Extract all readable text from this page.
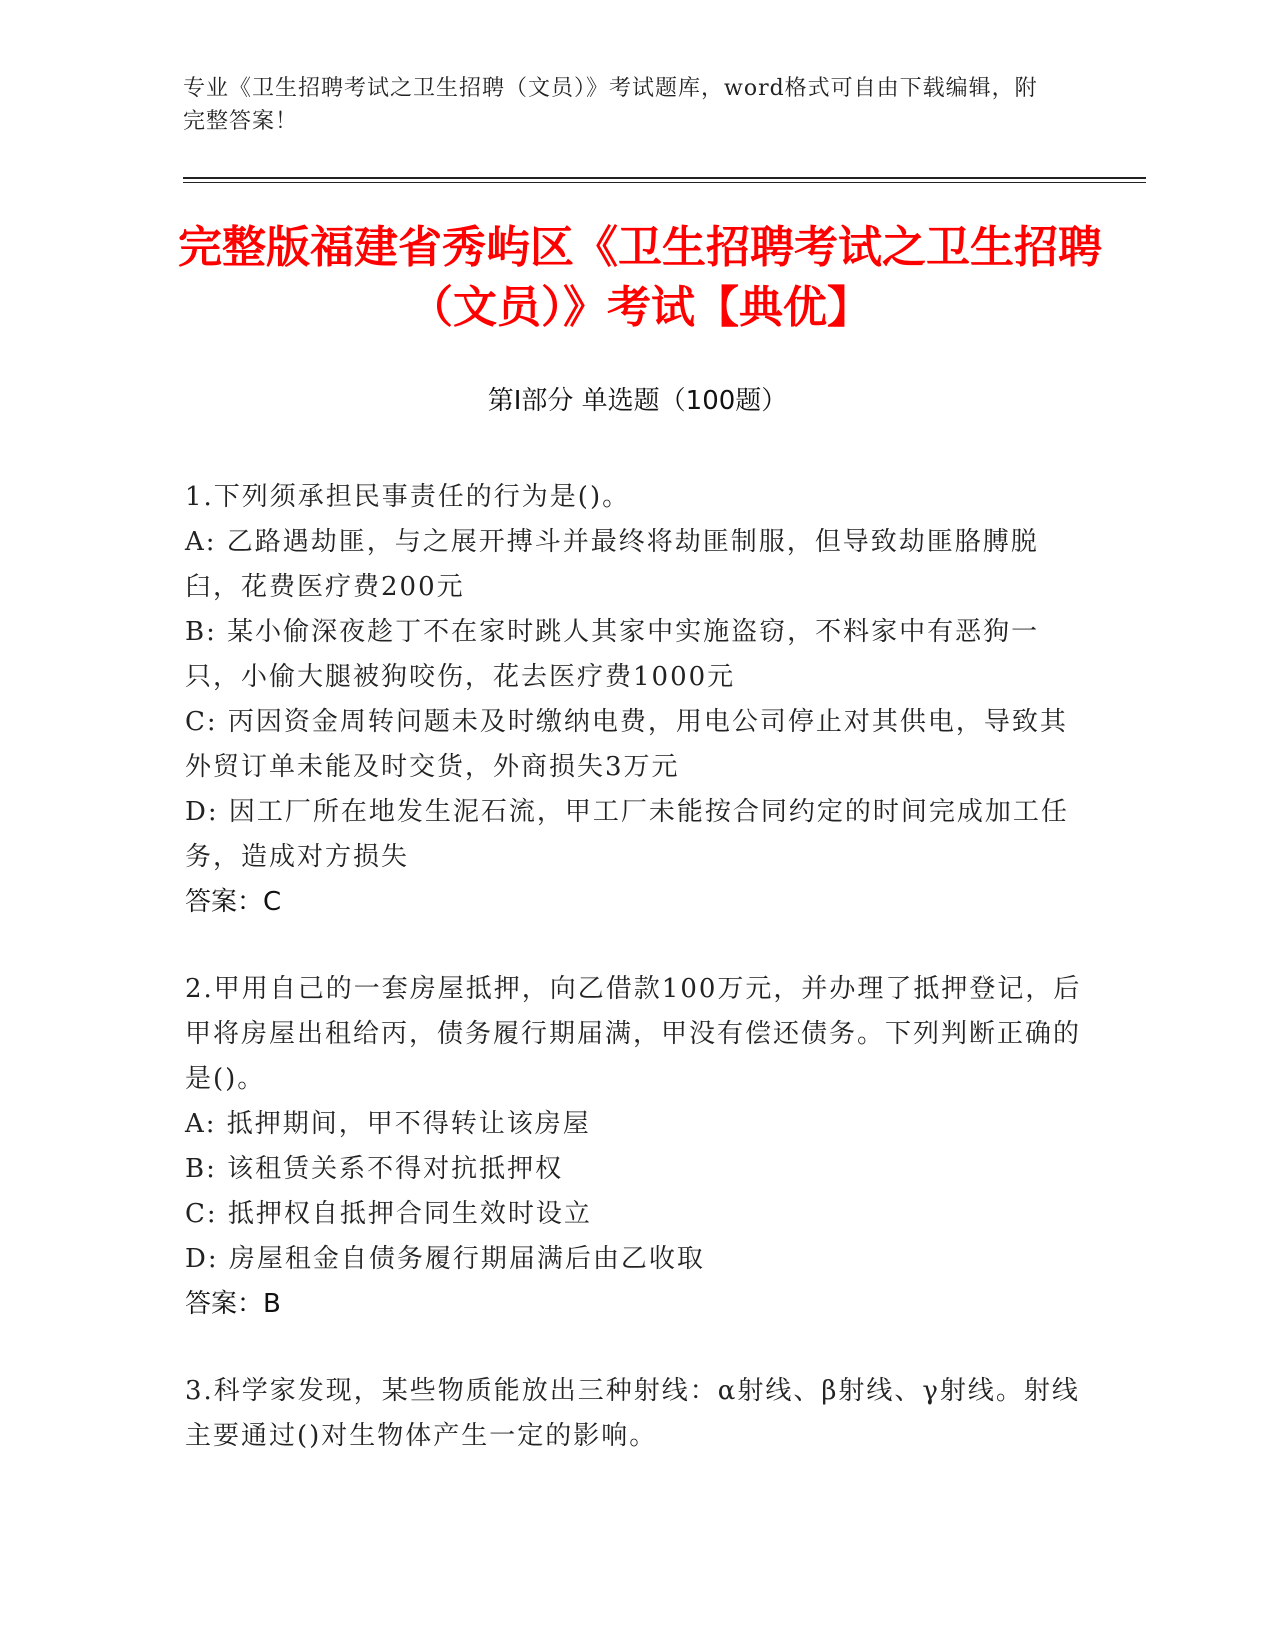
专业《卫生招聘考试之卫生招聘（文员）》考试题库，word格式可自由下载编辑，附完整答案！
完整版福建省秀屿区《卫生招聘考试之卫生招聘（文员）》考试【典优】
第Ⅰ部分 单选题（100题）
1.下列须承担民事责任的行为是()。
A: 乙路遇劫匪，与之展开搏斗并最终将劫匪制服，但导致劫匪胳膊脱臼，花费医疗费200元
B: 某小偷深夜趁丁不在家时跳人其家中实施盗窃，不料家中有恶狗一只，小偷大腿被狗咬伤，花去医疗费1000元
C: 丙因资金周转问题未及时缴纳电费，用电公司停止对其供电，导致其外贸订单未能及时交货，外商损失3万元
D: 因工厂所在地发生泥石流，甲工厂未能按合同约定的时间完成加工任务，造成对方损失
答案：C
2.甲用自己的一套房屋抵押，向乙借款100万元，并办理了抵押登记，后甲将房屋出租给丙，债务履行期届满，甲没有偿还债务。下列判断正确的是()。
A: 抵押期间，甲不得转让该房屋
B: 该租赁关系不得对抗抵押权
C: 抵押权自抵押合同生效时设立
D: 房屋租金自债务履行期届满后由乙收取
答案：B
3.科学家发现，某些物质能放出三种射线：α射线、β射线、γ射线。射线主要通过()对生物体产生一定的影响。
